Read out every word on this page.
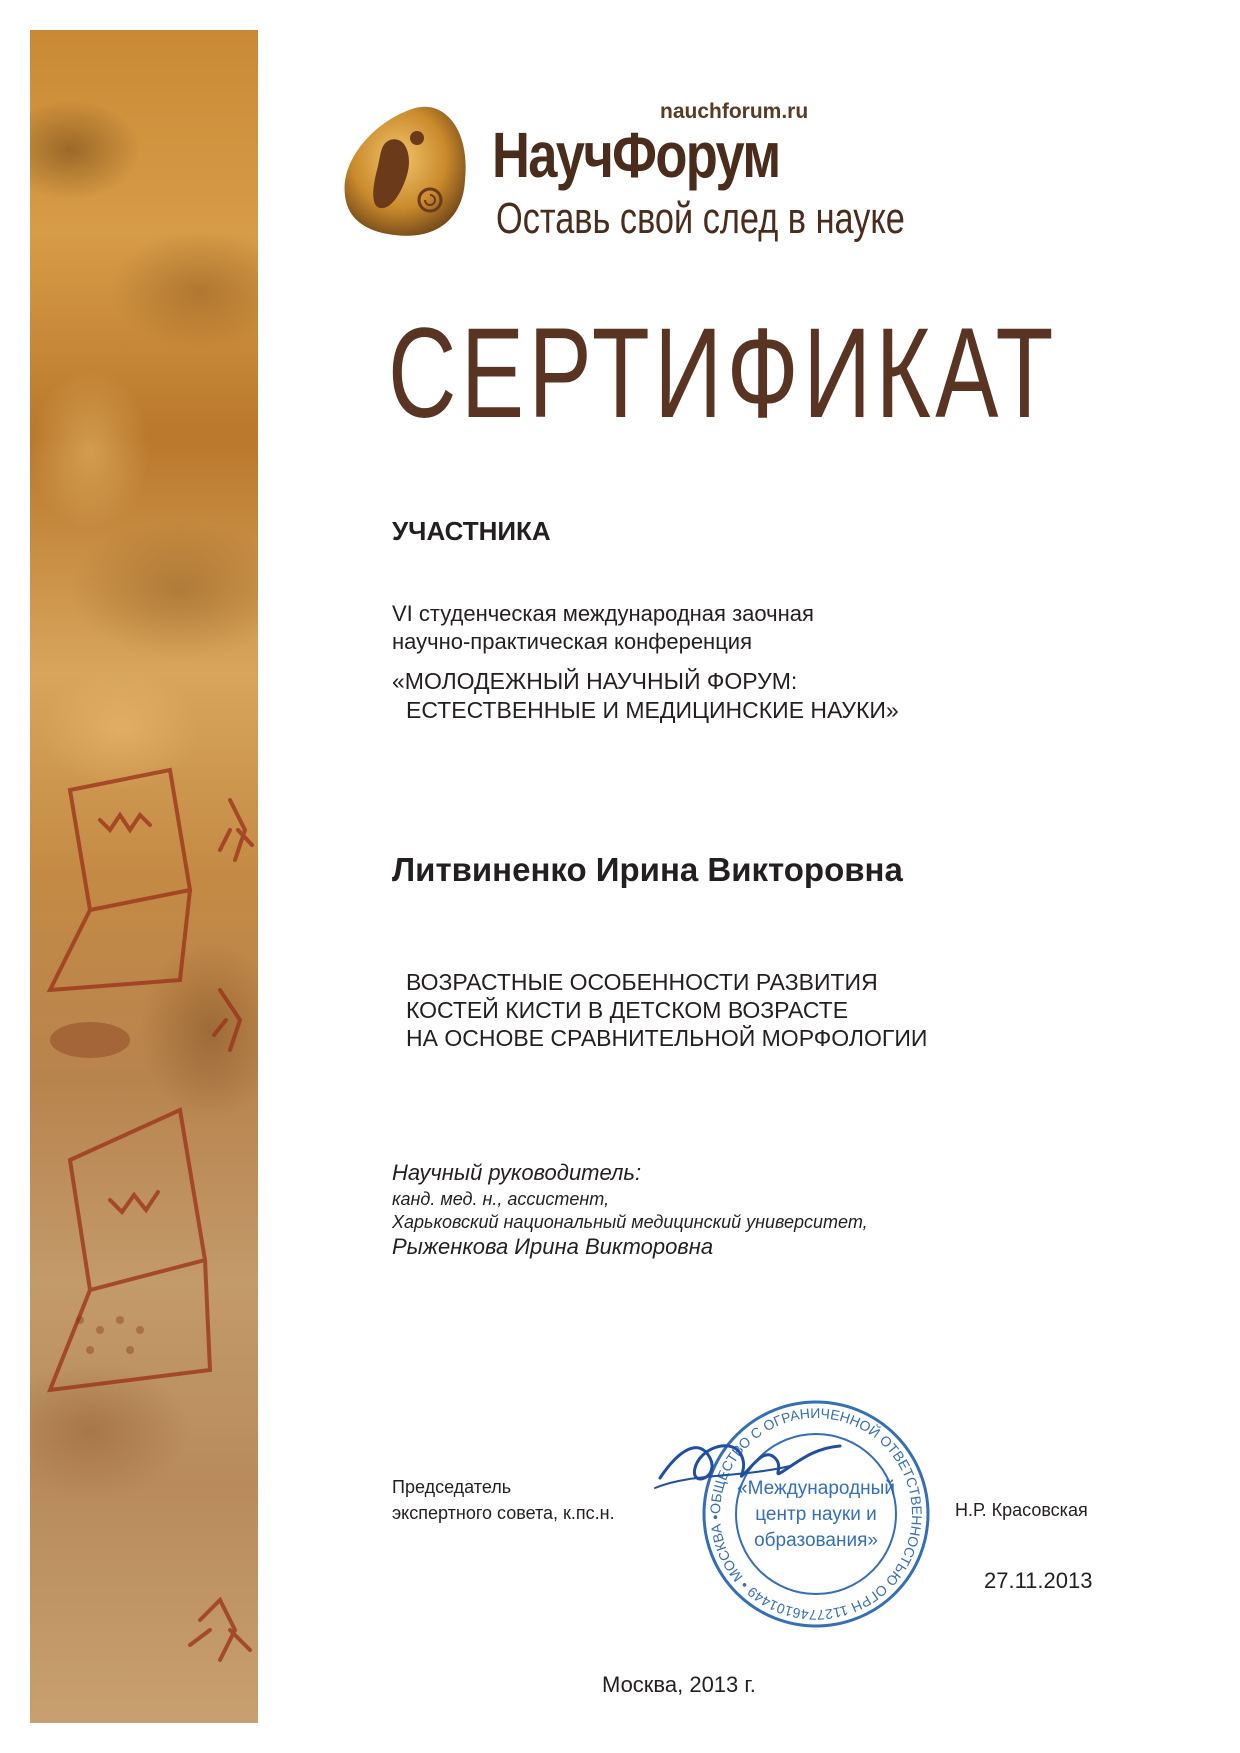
nauchforum.ru
НаучФорум
Оставь свой след в науке
СЕРТИФИКАТ
УЧАСТНИКА
VI студенческая международная заочная
научно-практическая конференция
«МОЛОДЕЖНЫЙ НАУЧНЫЙ ФОРУМ:
ЕСТЕСТВЕННЫЕ И МЕДИЦИНСКИЕ НАУКИ»
Литвиненко Ирина Викторовна
ВОЗРАСТНЫЕ ОСОБЕННОСТИ РАЗВИТИЯ
КОСТЕЙ КИСТИ В ДЕТСКОМ ВОЗРАСТЕ
НА ОСНОВЕ СРАВНИТЕЛЬНОЙ МОРФОЛОГИИ
Научный руководитель:
канд. мед. н., ассистент,
Харьковский национальный медицинский университет,
Рыженкова Ирина Викторовна
Председатель
экспертного совета, к.пс.н.	ОБЩЕСТВО С ОГРАНИЧЕННОЙ ОТВЕТСТВЕННОСТЬЮ ОГРН 1127746101449 • МОСКВА •
«Международный
центр науки и
образования»
Н.Р. Красовская
27.11.2013
Москва, 2013 г.
